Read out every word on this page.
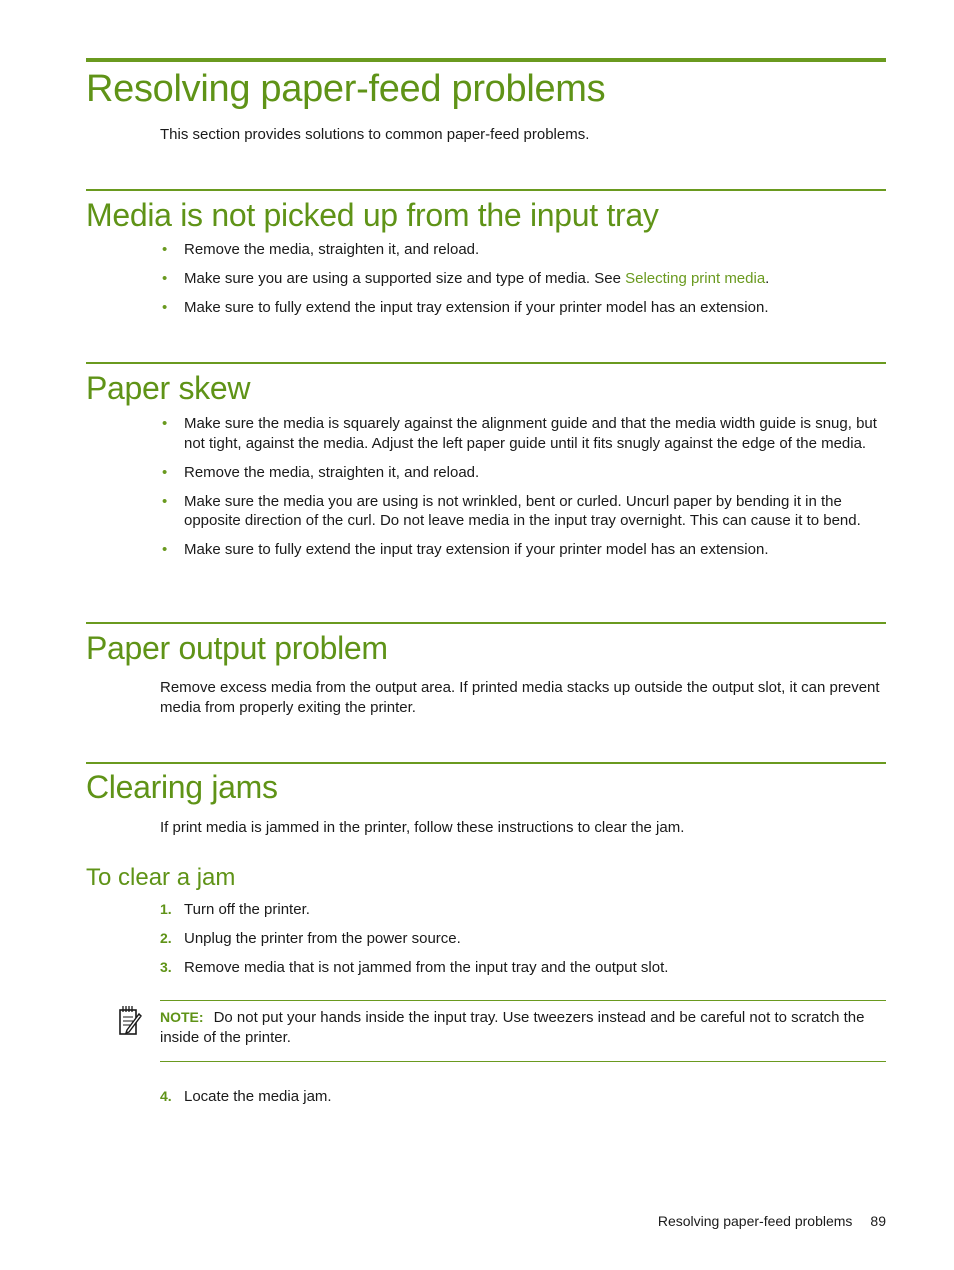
Resolving paper-feed problems

This section provides solutions to common paper-feed problems.

Media is not picked up from the input tray
• Remove the media, straighten it, and reload.
• Make sure you are using a supported size and type of media. See Selecting print media.
• Make sure to fully extend the input tray extension if your printer model has an extension.
Paper skew
• Make sure the media is squarely against the alignment guide and that the media width guide is snug, but not tight, against the media. Adjust the left paper guide until it fits snugly against the edge of the media.
• Remove the media, straighten it, and reload.
• Make sure the media you are using is not wrinkled, bent or curled. Uncurl paper by bending it in the opposite direction of the curl. Do not leave media in the input tray overnight. This can cause it to bend.
• Make sure to fully extend the input tray extension if your printer model has an extension.
Paper output problem

Remove excess media from the output area. If printed media stacks up outside the output slot, it can prevent media from properly exiting the printer.

Clearing jams

If print media is jammed in the printer, follow these instructions to clear the jam.

To clear a jam
1. Turn off the printer.
2. Unplug the printer from the power source.
3. Remove media that is not jammed from the input tray and the output slot.

NOTE: Do not put your hands inside the input tray. Use tweezers instead and be careful not to scratch the inside of the printer.

4. Locate the media jam.
Resolving paper-feed problems 89
